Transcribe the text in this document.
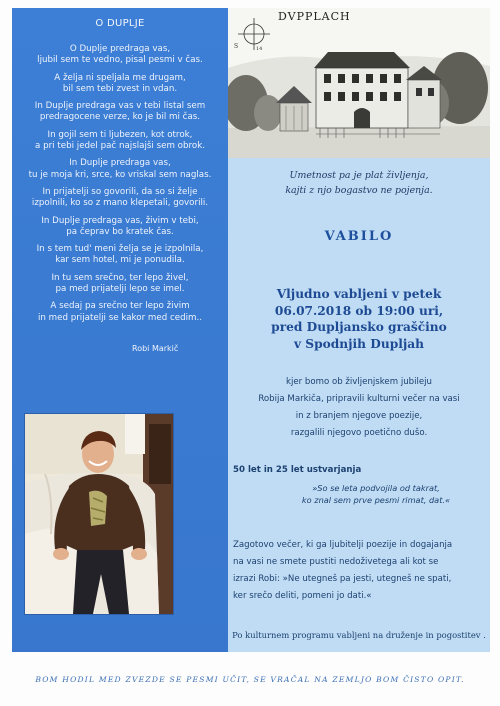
O DUPLJE
O Duplje predraga vas,
ljubil sem te vedno, pisal pesmi v čas.
A želja ni speljala me drugam,
bil sem tebi zvest in vdan.
In Duplje predraga vas v tebi listal sem
predragocene verze, ko je bil mi čas.
In gojil sem ti ljubezen, kot otrok,
a pri tebi jedel pač najslajši sem obrok.
In Duplje predraga vas,
tu je moja kri, srce, ko vriskal sem naglas.
In prijatelji so govorili, da so si želje
izpolnili, ko so z mano klepetali, govorili.
In Duplje predraga vas, živim v tebi,
pa čeprav bo kratek čas.
In s tem tud' meni želja se je izpolnila,
kar sem hotel, mi je ponudila.
In tu sem srečno, ter lepo živel,
pa med prijatelji lepo se imel.
A sedaj pa srečno ter lepo živim
in med prijatelji se kakor med cedim..
Robi Markič
S	14
DVPPLACH
Umetnost pa je plat življenja,
kajti z njo bogastvo ne pojenja.
VABILO
Vljudno vabljeni v petek
06.07.2018 ob 19:00 uri,
pred Dupljansko graščino
v Spodnjih Dupljah
kjer bomo ob življenjskem jubileju
Robija Markiča, pripravili kulturni večer na vasi
in z branjem njegove poezije,
razgalili njegovo poetično dušo.
50 let in 25 let ustvarjanja
»So se leta podvojila od takrat,
ko znal sem prve pesmi rimat, dat.«
Zagotovo večer, ki ga ljubitelji poezije in dogajanja
na vasi ne smete pustiti nedoživetega ali kot se
izrazi Robi: »Ne utegneš pa jesti, utegneš ne spati,
ker srečo deliti, pomeni jo dati.«
Po kulturnem programu vabljeni na druženje in pogostitev .
BOM HODIL MED ZVEZDE SE PESMI UČIT, SE VRAČAL NA ZEMLJO BOM ČISTO OPIT.
